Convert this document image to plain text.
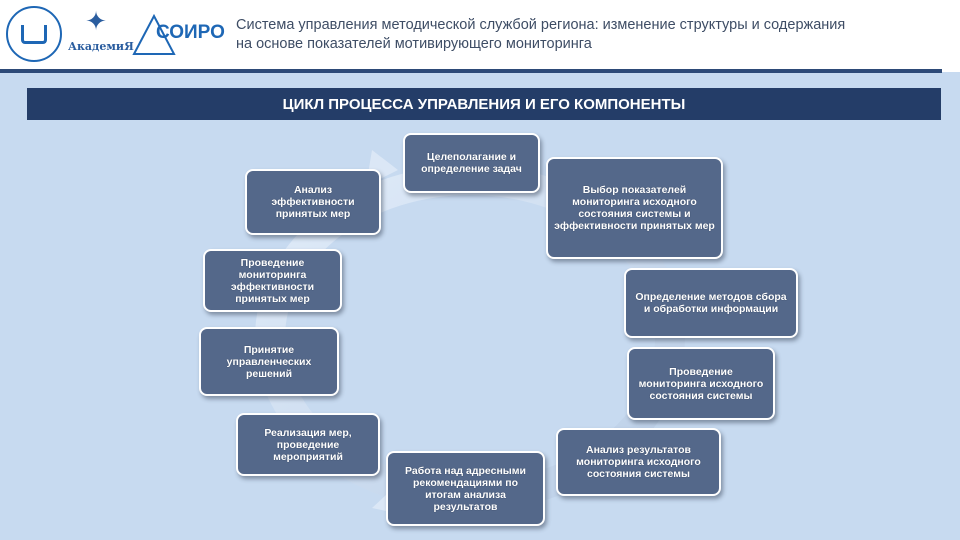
✦
АкадемиЯ
СОИРО Система управления методической службой региона: изменение структуры и содержания
на основе показателей мотивирующего мониторинга
ЦИКЛ ПРОЦЕССА УПРАВЛЕНИЯ И ЕГО КОМПОНЕНТЫ
Целеполагание и определение задач
Выбор показателей мониторинга исходного состояния системы и эффективности принятых мер
Определение методов сбора и обработки информации
Проведение мониторинга исходного состояния системы
Анализ результатов мониторинга исходного состояния системы
Работа над адресными рекомендациями по итогам анализа результатов
Реализация мер, проведение мероприятий
Принятие управленческих решений
Проведение мониторинга эффективности принятых мер
Анализ эффективности принятых мер
